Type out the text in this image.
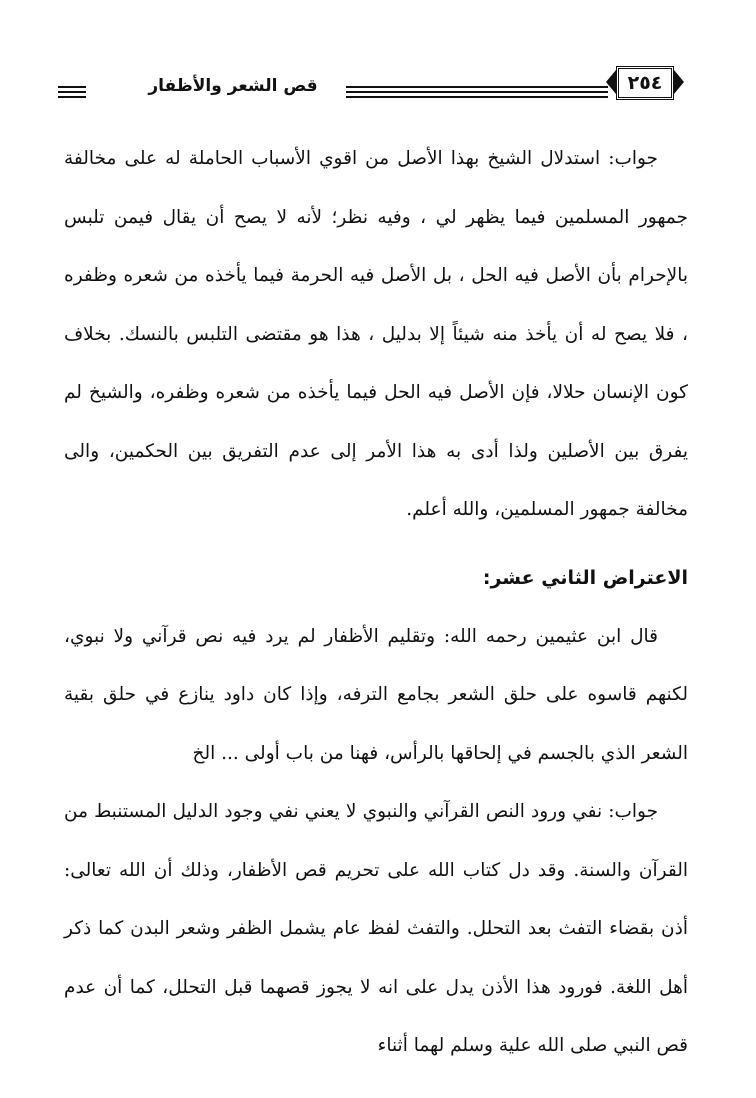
قص الشعر والأظفار	٢٥٤

جواب: استدلال الشيخ بهذا الأصل من اقوي الأسباب الحاملة له على مخالفة جمهور المسلمين فيما يظهر لي ، وفيه نظر؛ لأنه لا يصح أن يقال فيمن تلبس بالإحرام بأن الأصل فيه الحل ، بل الأصل فيه الحرمة فيما يأخذه من شعره وظفره ، فلا يصح له أن يأخذ منه شيئاً إلا بدليل ، هذا هو مقتضى التلبس بالنسك. بخلاف كون الإنسان حلالا، فإن الأصل فيه الحل فيما يأخذه من شعره وظفره، والشيخ لم يفرق بين الأصلين ولذا أدى به هذا الأمر إلى عدم التفريق بين الحكمين، والى مخالفة جمهور المسلمين، والله أعلم.

الاعتراض الثاني عشر:

قال ابن عثيمين رحمه الله: وتقليم الأظفار لم يرد فيه نص قرآني ولا نبوي، لكنهم قاسوه على حلق الشعر بجامع الترفه، وإذا كان داود ينازع في حلق بقية الشعر الذي بالجسم في إلحاقها بالرأس، فهنا من باب أولى ... الخ

جواب: نفي ورود النص القرآني والنبوي لا يعني نفي وجود الدليل المستنبط من القرآن والسنة. وقد دل كتاب الله على تحريم قص الأظفار، وذلك أن الله تعالى: أذن بقضاء التفث بعد التحلل. والتفث لفظ عام يشمل الظفر وشعر البدن كما ذكر أهل اللغة. فورود هذا الأذن يدل على انه لا يجوز قصهما قبل التحلل، كما أن عدم قص النبي صلى الله علية وسلم لهما أثناء
